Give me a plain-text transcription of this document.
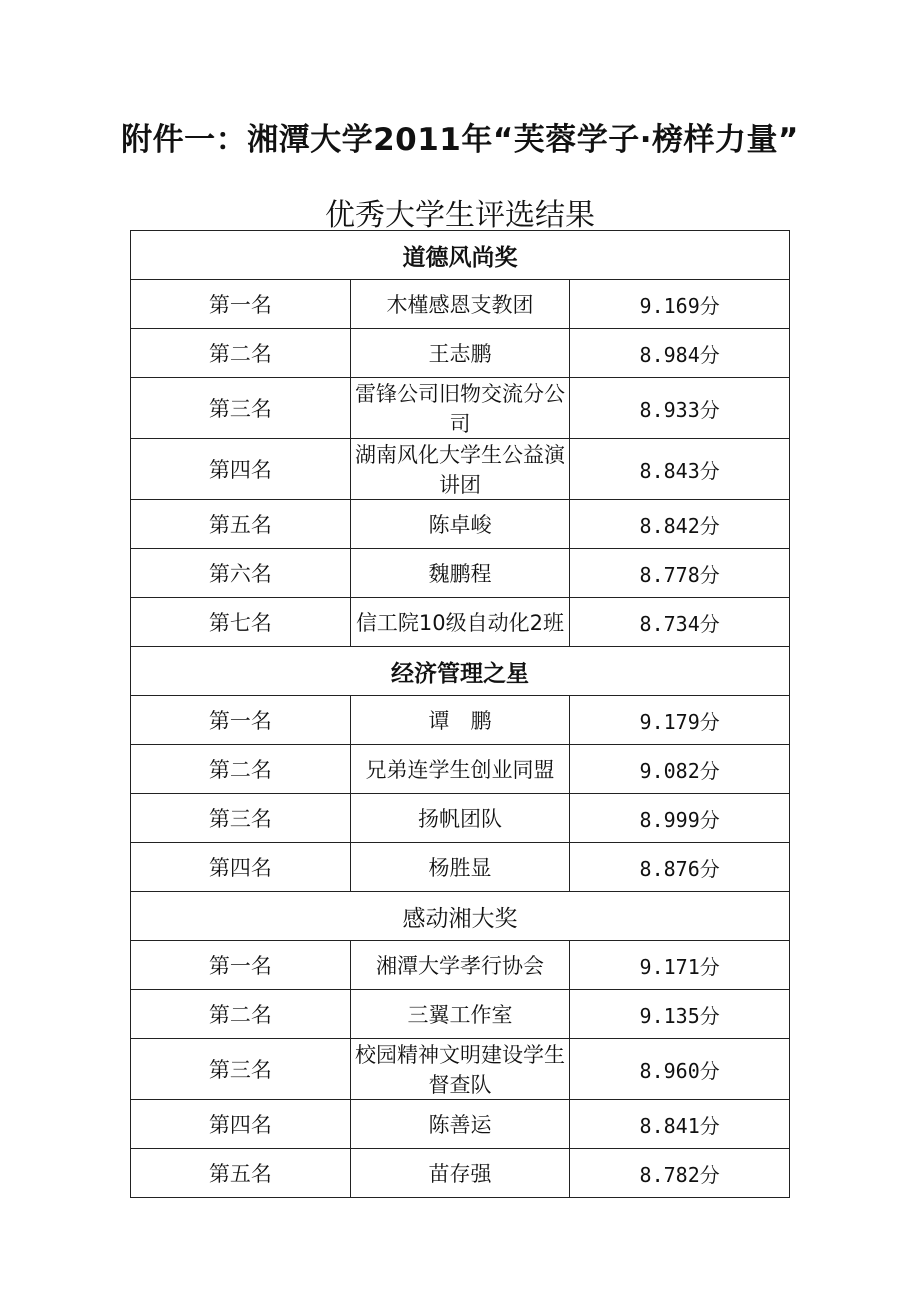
附件一：湘潭大学2011年“芙蓉学子·榜样力量”
优秀大学生评选结果
道德风尚奖		
第一名	木槿感恩支教团	9.169分
第二名	王志鹏	8.984分
第三名	雷锋公司旧物交流分公司	8.933分
第四名	湖南风化大学生公益演讲团	8.843分
第五名	陈卓峻	8.842分
第六名	魏鹏程	8.778分
第七名	信工院10级自动化2班	8.734分
经济管理之星		
第一名	谭　鹏	9.179分
第二名	兄弟连学生创业同盟	9.082分
第三名	扬帆团队	8.999分
第四名	杨胜显	8.876分
感动湘大奖		
第一名	湘潭大学孝行协会	9.171分
第二名	三翼工作室	9.135分
第三名	校园精神文明建设学生督查队	8.960分
第四名	陈善运	8.841分
第五名	苗存强	8.782分
